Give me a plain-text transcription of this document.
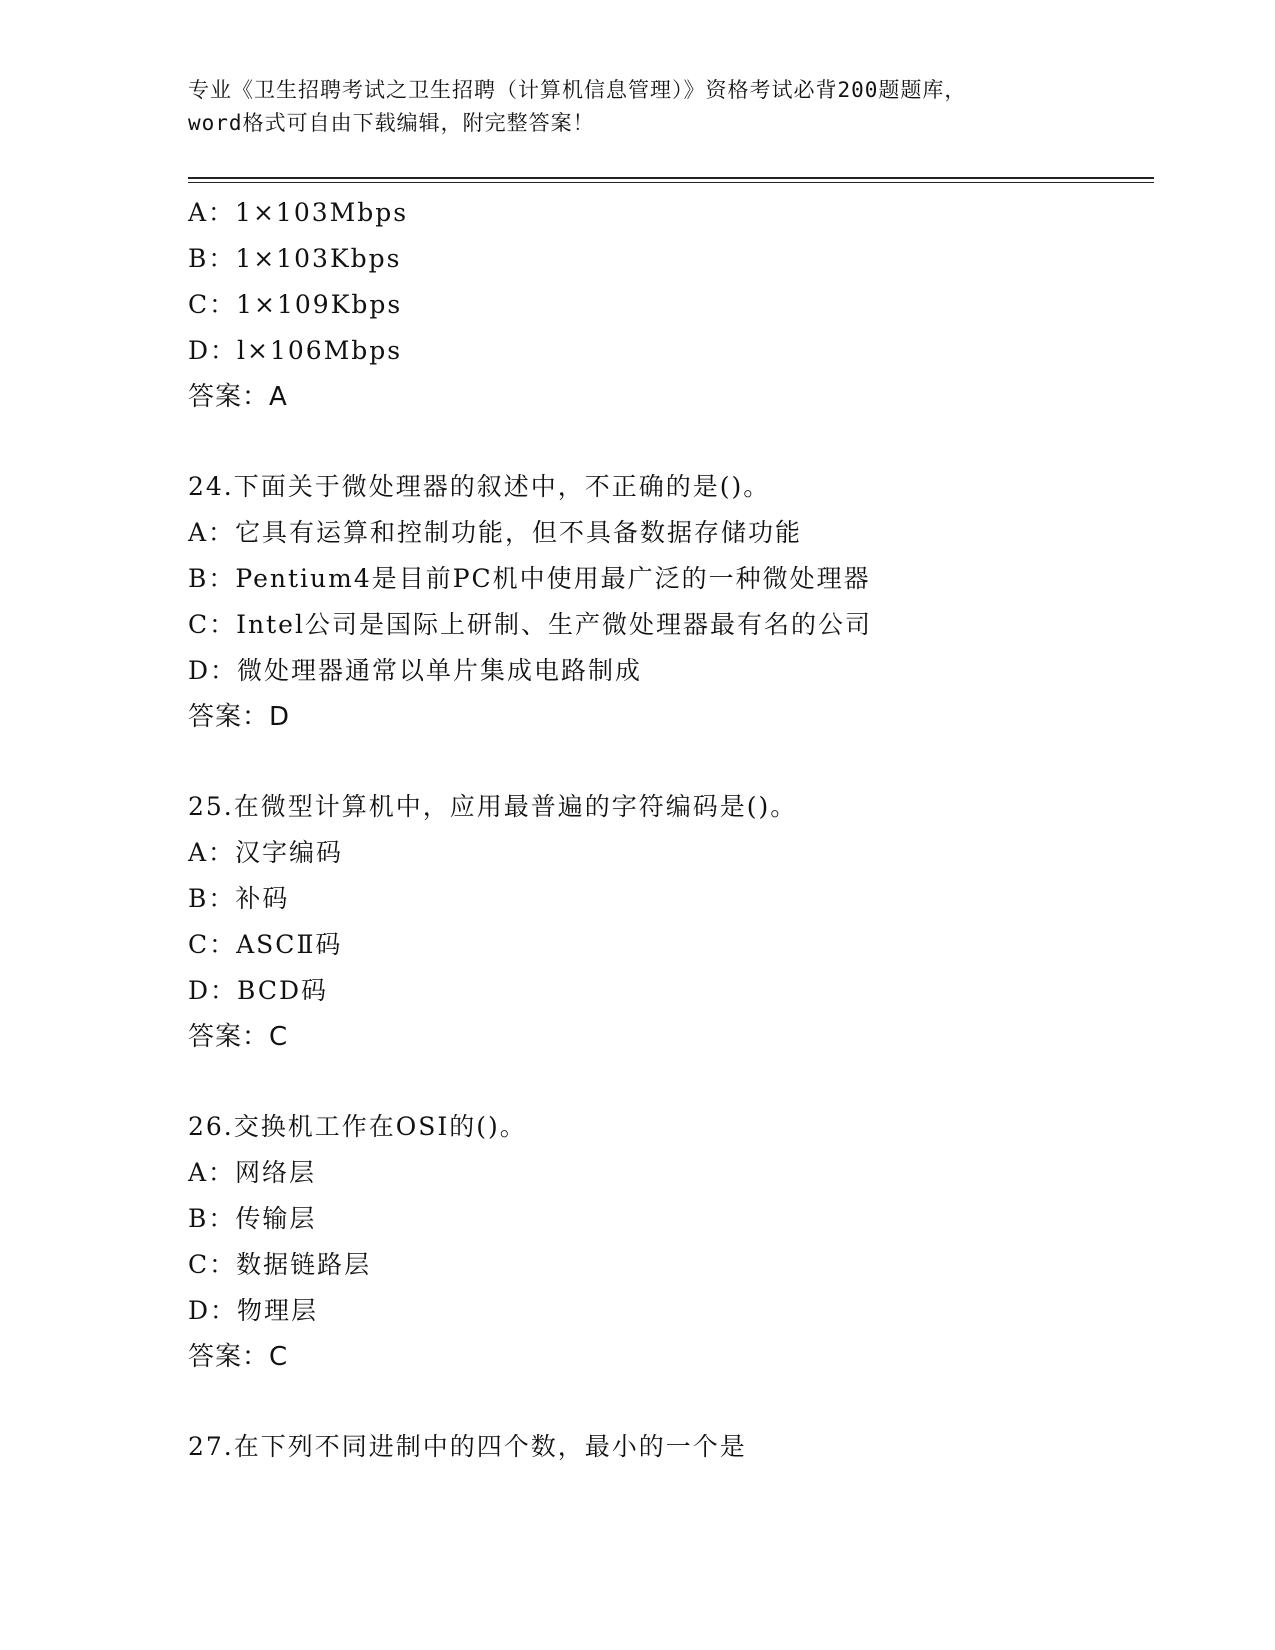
专业《卫生招聘考试之卫生招聘（计算机信息管理）》资格考试必背200题题库，
word格式可自由下载编辑，附完整答案！
A：1×103Mbps
B：1×103Kbps
C：1×109Kbps
D：l×106Mbps
答案：A
24.下面关于微处理器的叙述中，不正确的是()。
A：它具有运算和控制功能，但不具备数据存储功能
B：Pentium4是目前PC机中使用最广泛的一种微处理器
C：Intel公司是国际上研制、生产微处理器最有名的公司
D：微处理器通常以单片集成电路制成
答案：D
25.在微型计算机中，应用最普遍的字符编码是()。
A：汉字编码
B：补码
C：ASCⅡ码
D：BCD码
答案：C
26.交换机工作在OSI的()。
A：网络层
B：传输层
C：数据链路层
D：物理层
答案：C
27.在下列不同进制中的四个数，最小的一个是
